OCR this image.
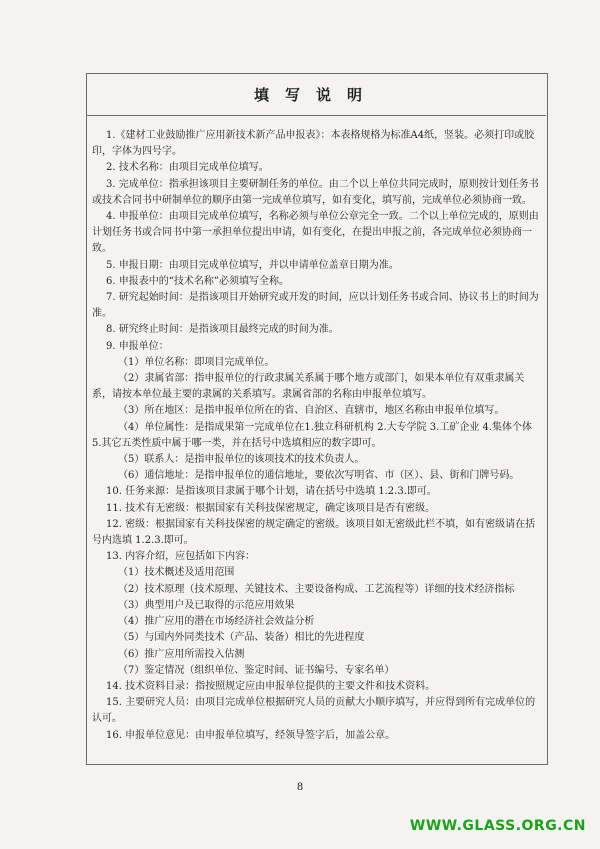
填写说明

1.《建材工业鼓励推广应用新技术新产品申报表》：本表格规格为标准A4纸，竖装。必须打印或胶印，字体为四号字。

2. 技术名称：由项目完成单位填写。

3. 完成单位：指承担该项目主要研制任务的单位。由二个以上单位共同完成时，原则按计划任务书或技术合同书中研制单位的顺序由第一完成单位填写，如有变化，填写前，完成单位必须协商一致。

4. 申报单位：由项目完成单位填写，名称必须与单位公章完全一致。二个以上单位完成的，原则由计划任务书或合同书中第一承担单位提出申请，如有变化，在提出申报之前，各完成单位必须协商一致。

5. 申报日期：由项目完成单位填写，并以申请单位盖章日期为准。

6. 申报表中的“技术名称”必须填写全称。

7. 研究起始时间：是指该项目开始研究或开发的时间，应以计划任务书或合同、协议书上的时间为准。

8. 研究终止时间：是指该项目最终完成的时间为准。

9. 申报单位：

（1）单位名称：即项目完成单位。

（2）隶属省部：指申报单位的行政隶属关系属于哪个地方或部门，如果本单位有双重隶属关系，请按本单位最主要的隶属的关系填写。隶属省部的名称由申报单位填写。

（3）所在地区：是指申报单位所在的省、自治区、直辖市，地区名称由申报单位填写。

（4）单位属性：是指成果第一完成单位在1.独立科研机构 2.大专学院 3.工矿企业 4.集体个体 5.其它五类性质中属于哪一类，并在括号中选填相应的数字即可。

（5）联系人：是指申报单位的该项技术的技术负责人。

（6）通信地址：是指申报单位的通信地址，要依次写明省、市（区）、县、街和门牌号码。

10. 任务来源：是指该项目隶属于哪个计划，请在括号中选填 1.2.3.即可。

11. 技术有无密级：根据国家有关科技保密规定，确定该项目是否有密级。

12. 密级：根据国家有关科技保密的规定确定的密级。该项目如无密级此栏不填，如有密级请在括号内选填 1.2.3.即可。

13. 内容介绍，应包括如下内容：

（1）技术概述及适用范围

（2）技术原理（技术原理、关键技术、主要设备构成、工艺流程等）详细的技术经济指标

（3）典型用户及已取得的示范应用效果

（4）推广应用的潜在市场经济社会效益分析

（5）与国内外同类技术（产品、装备）相比的先进程度

（6）推广应用所需投入估测

（7）鉴定情况（组织单位、鉴定时间、证书编号、专家名单）

14. 技术资料目录：指按照规定应由申报单位提供的主要文件和技术资料。

15. 主要研究人员：由项目完成单位根据研究人员的贡献大小顺序填写，并应得到所有完成单位的认可。

16. 申报单位意见：由申报单位填写，经领导签字后，加盖公章。

8
WWW.GLASS.ORG.CN
